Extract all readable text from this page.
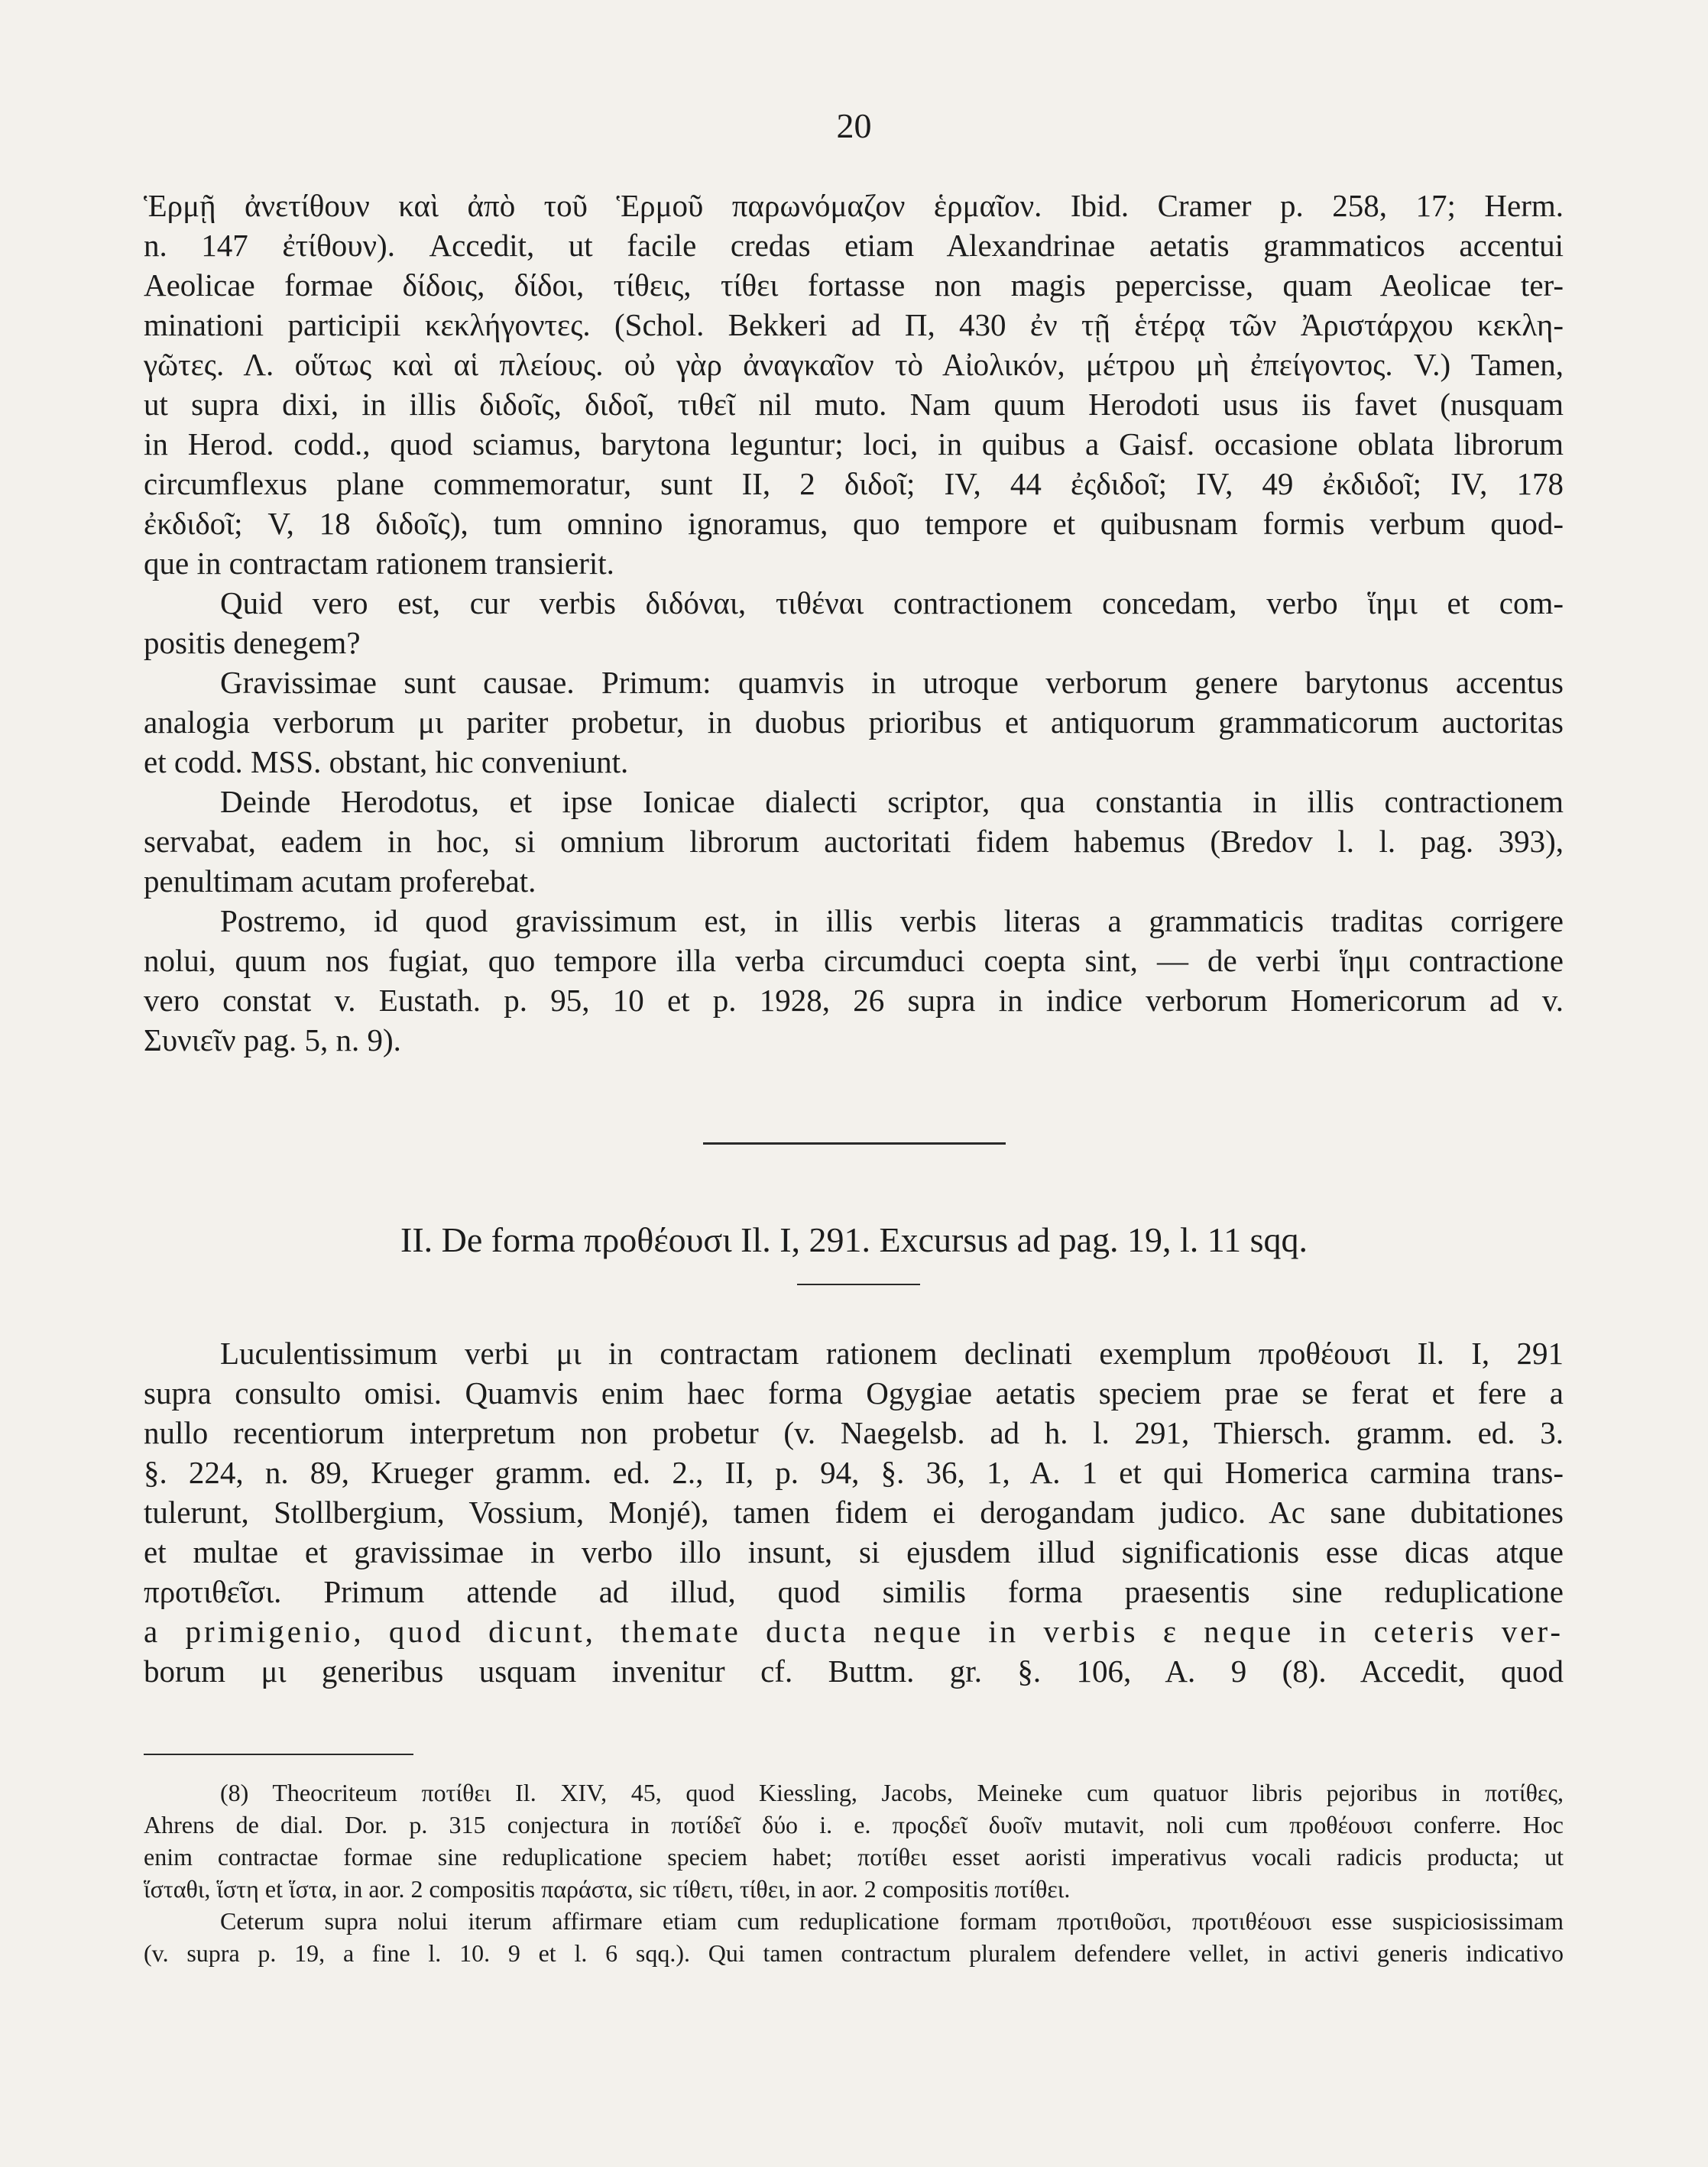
20
Ἑρμῇ ἀνετίθουν καὶ ἀπὸ τοῦ Ἑρμοῦ παρωνόμαζον ἑρμαῖον. Ibid. Cramer p. 258, 17; Herm.
n. 147 ἐτίθουν). Accedit, ut facile credas etiam Alexandrinae aetatis grammaticos accentui
Aeolicae formae δίδοις, δίδοι, τίθεις, τίθει fortasse non magis pepercisse, quam Aeolicae ter-
minationi participii κεκλήγοντες. (Schol. Bekkeri ad Π, 430 ἐν τῇ ἑτέρᾳ τῶν Ἀριστάρχου κεκλη-
γῶτες. Λ. οὕτως καὶ αἱ πλείους. οὐ γὰρ ἀναγκαῖον τὸ Αἰολικόν, μέτρου μὴ ἐπείγοντος. V.) Tamen,
ut supra dixi, in illis διδοῖς, διδοῖ, τιθεῖ nil muto. Nam quum Herodoti usus iis favet (nusquam
in Herod. codd., quod sciamus, barytona leguntur; loci, in quibus a Gaisf. occasione oblata librorum
circumflexus plane commemoratur, sunt II, 2 διδοῖ; IV, 44 ἐςδιδοῖ; IV, 49 ἐκδιδοῖ; IV, 178
ἐκδιδοῖ; V, 18 διδοῖς), tum omnino ignoramus, quo tempore et quibusnam formis verbum quod-
que in contractam rationem transierit.
Quid vero est, cur verbis διδόναι, τιθέναι contractionem concedam, verbo ἵημι et com-
positis denegem?
Gravissimae sunt causae. Primum: quamvis in utroque verborum genere barytonus accentus
analogia verborum μι pariter probetur, in duobus prioribus et antiquorum grammaticorum auctoritas
et codd. MSS. obstant, hic conveniunt.
Deinde Herodotus, et ipse Ionicae dialecti scriptor, qua constantia in illis contractionem
servabat, eadem in hoc, si omnium librorum auctoritati fidem habemus (Bredov l. l. pag. 393),
penultimam acutam proferebat.
Postremo, id quod gravissimum est, in illis verbis literas a grammaticis traditas corrigere
nolui, quum nos fugiat, quo tempore illa verba circumduci coepta sint, — de verbi ἵημι contractione
vero constat v. Eustath. p. 95, 10 et p. 1928, 26 supra in indice verborum Homericorum ad v.
Συνιεῖν pag. 5, n. 9).
II. De forma προθέουσι Il. I, 291. Excursus ad pag. 19, l. 11 sqq.
Luculentissimum verbi μι in contractam rationem declinati exemplum προθέουσι Il. I, 291
supra consulto omisi. Quamvis enim haec forma Ogygiae aetatis speciem prae se ferat et fere a
nullo recentiorum interpretum non probetur (v. Naegelsb. ad h. l. 291, Thiersch. gramm. ed. 3.
§. 224, n. 89, Krueger gramm. ed. 2., II, p. 94, §. 36, 1, A. 1 et qui Homerica carmina trans-
tulerunt, Stollbergium, Vossium, Monjé), tamen fidem ei derogandam judico. Ac sane dubitationes
et multae et gravissimae in verbo illo insunt, si ejusdem illud significationis esse dicas atque
προτιθεῖσι. Primum attende ad illud, quod similis forma praesentis sine reduplicatione
a primigenio, quod dicunt, themate ducta neque in verbis ε neque in ceteris ver-
borum μι generibus usquam invenitur cf. Buttm. gr. §. 106, A. 9 (8). Accedit, quod
(8) Theocriteum ποτίθει Il. XIV, 45, quod Kiessling, Jacobs, Meineke cum quatuor libris pejoribus in ποτίθες,
Ahrens de dial. Dor. p. 315 conjectura in ποτίδεῖ δύο i. e. προςδεῖ δυοῖν mutavit, noli cum προθέουσι conferre. Hoc
enim contractae formae sine reduplicatione speciem habet; ποτίθει esset aoristi imperativus vocali radicis producta; ut
ἵσταθι, ἵστη et ἵστα, in aor. 2 compositis παράστα, sic τίθετι, τίθει, in aor. 2 compositis ποτίθει.
Ceterum supra nolui iterum affirmare etiam cum reduplicatione formam προτιθοῦσι, προτιθέουσι esse suspiciosissimam
(v. supra p. 19, a fine l. 10. 9 et l. 6 sqq.). Qui tamen contractum pluralem defendere vellet, in activi generis indicativo
